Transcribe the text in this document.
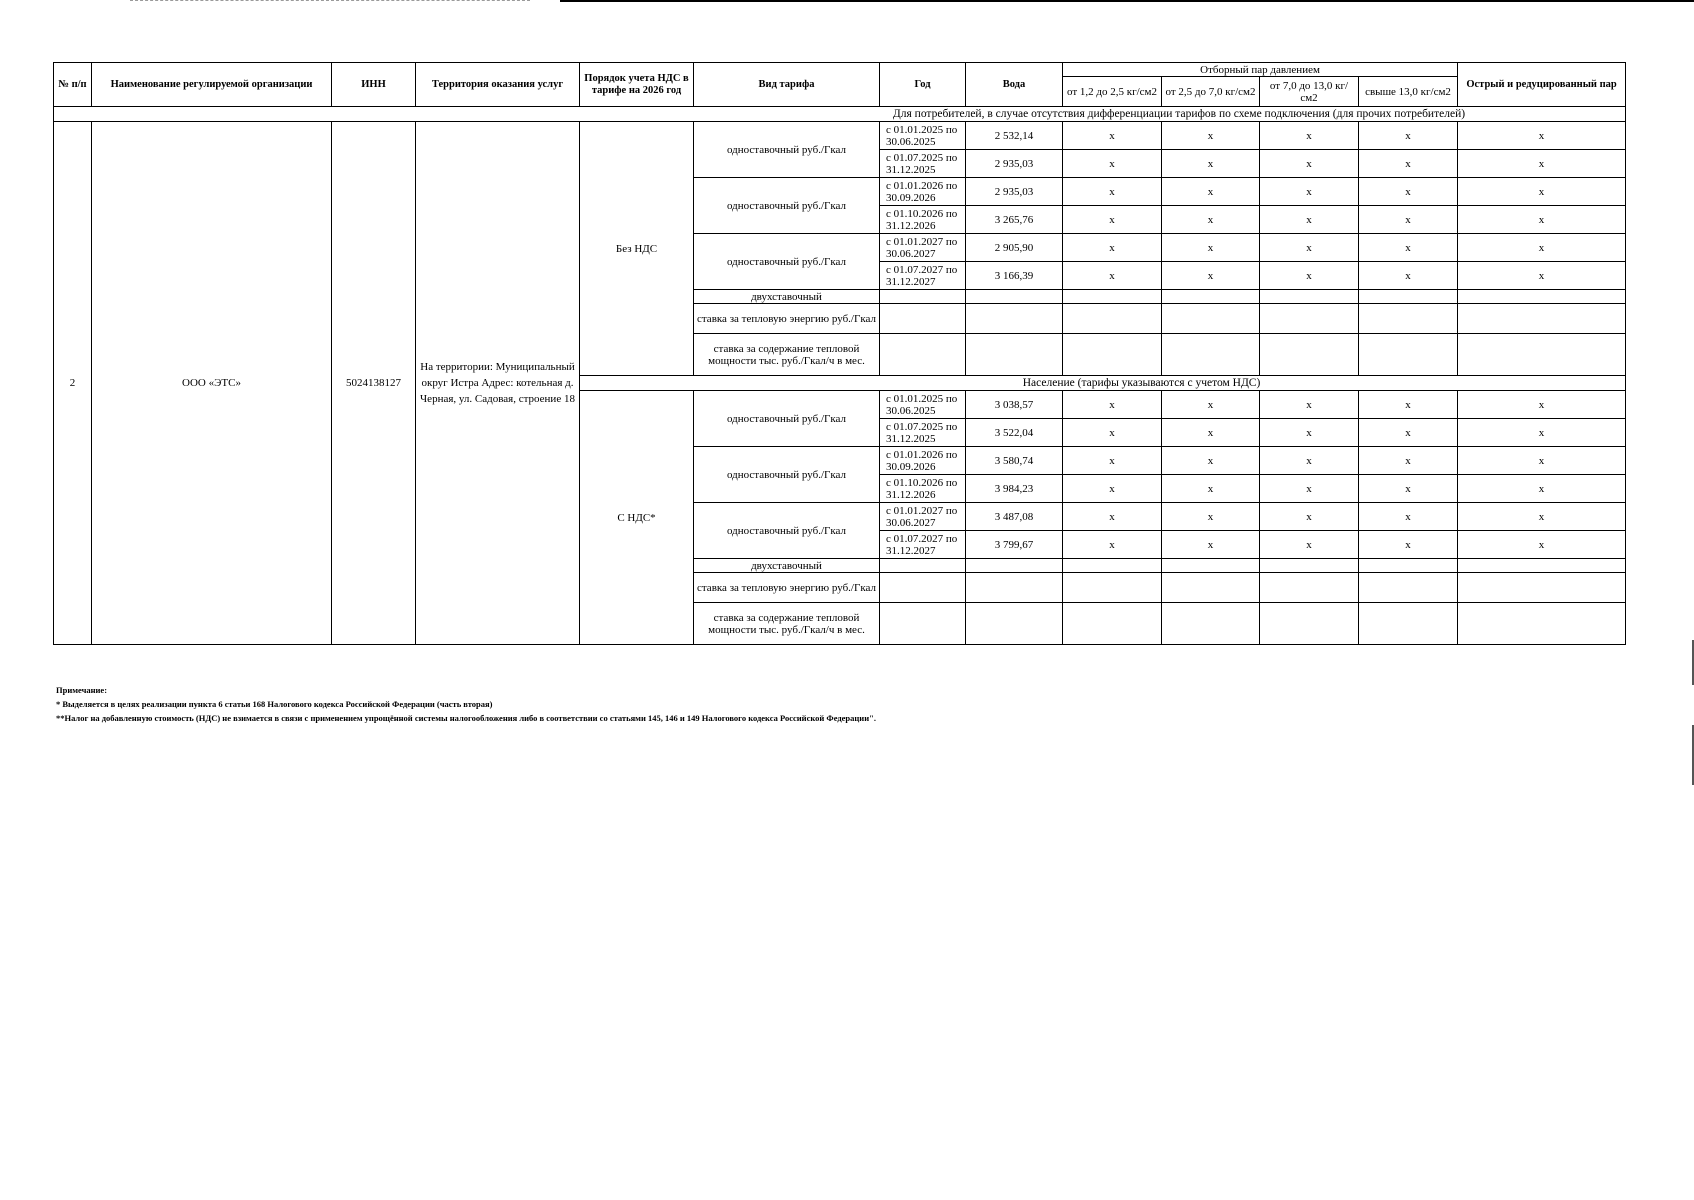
№ п/п	Наименование регулируемой организации	ИНН	Территория оказания услуг	Порядок учета НДС в тарифе на 2026 год	Вид тарифа	Год	Вода	Отборный пар давлением				Острый и редуцированный пар
								от 1,2 до 2,5 кг/см2	от 2,5 до 7,0 кг/см2	от 7,0 до 13,0 кг/см2	свыше 13,0 кг/см2	
Для потребителей, в случае отсутствия дифференциации тарифов по схеме подключения (для прочих потребителей)												
2	ООО «ЭТС»	5024138127	На территории: Муниципальный округ Истра Адрес: котельная д. Черная, ул. Садовая, строение 18	Без НДС	одноставочный руб./Гкал	с 01.01.2025 по 30.06.2025	2 532,14	x	x	x	x	x
						с 01.07.2025 по 31.12.2025	2 935,03	x	x	x	x	x
					одноставочный руб./Гкал	с 01.01.2026 по 30.09.2026	2 935,03	x	x	x	x	x
						с 01.10.2026 по 31.12.2026	3 265,76	x	x	x	x	x
					одноставочный руб./Гкал	с 01.01.2027 по 30.06.2027	2 905,90	x	x	x	x	x
						с 01.07.2027 по 31.12.2027	3 166,39	x	x	x	x	x
					двухставочный							
					ставка за тепловую энергию руб./Гкал							
					ставка за содержание тепловой мощности тыс. руб./Гкал/ч в мес.							
				Население (тарифы указываются с учетом НДС)								
				С НДС*	одноставочный руб./Гкал	с 01.01.2025 по 30.06.2025	3 038,57	x	x	x	x	x
						с 01.07.2025 по 31.12.2025	3 522,04	x	x	x	x	x
					одноставочный руб./Гкал	с 01.01.2026 по 30.09.2026	3 580,74	x	x	x	x	x
						с 01.10.2026 по 31.12.2026	3 984,23	x	x	x	x	x
					одноставочный руб./Гкал	с 01.01.2027 по 30.06.2027	3 487,08	x	x	x	x	x
						с 01.07.2027 по 31.12.2027	3 799,67	x	x	x	x	x
					двухставочный							
					ставка за тепловую энергию руб./Гкал							
					ставка за содержание тепловой мощности тыс. руб./Гкал/ч в мес.							
Примечание:
* Выделяется в целях реализации пункта 6 статьи 168 Налогового кодекса Российской Федерации (часть вторая)
**Налог на добавленную стоимость (НДС) не взимается в связи с применением упрощённой системы налогообложения либо в соответствии со статьями 145, 146 и 149 Налогового кодекса Российской Федерации".
